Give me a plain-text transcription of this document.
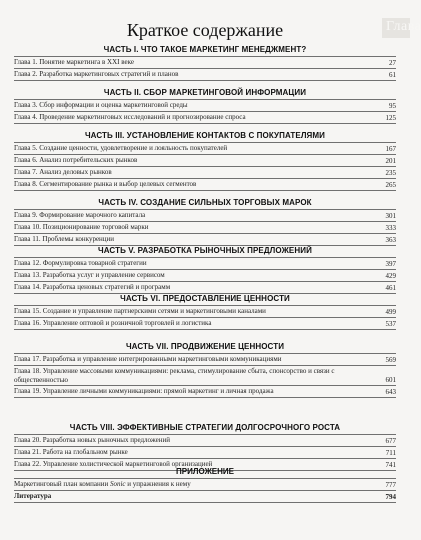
Глава
Краткое содержание
ЧАСТЬ I. ЧТО ТАКОЕ МАРКЕТИНГ МЕНЕДЖМЕНТ?
Глава 1. Понятие маркетинга в XXI веке	27
Глава 2. Разработка маркетинговых стратегий и планов	61
ЧАСТЬ II. СБОР МАРКЕТИНГОВОЙ ИНФОРМАЦИИ
Глава 3. Сбор информации и оценка маркетинговой среды	95
Глава 4. Проведение маркетинговых исследований и прогнозирование спроса	125
ЧАСТЬ III. УСТАНОВЛЕНИЕ КОНТАКТОВ С ПОКУПАТЕЛЯМИ
Глава 5. Создание ценности, удовлетворение и лояльность покупателей	167
Глава 6. Анализ потребительских рынков	201
Глава 7. Анализ деловых рынков	235
Глава 8. Сегментирование рынка и выбор целевых сегментов	265
ЧАСТЬ IV. СОЗДАНИЕ СИЛЬНЫХ ТОРГОВЫХ МАРОК
Глава 9. Формирование марочного капитала	301
Глава 10. Позиционирование торговой марки	333
Глава 11. Проблемы конкуренции	363
ЧАСТЬ V. РАЗРАБОТКА РЫНОЧНЫХ ПРЕДЛОЖЕНИЙ
Глава 12. Формулировка товарной стратегии	397
Глава 13. Разработка услуг и управление сервисом	429
Глава 14. Разработка ценовых стратегий и программ	461
ЧАСТЬ VI. ПРЕДОСТАВЛЕНИЕ ЦЕННОСТИ
Глава 15. Создание и управление партнерскими сетями и маркетинговыми каналами	499
Глава 16. Управление оптовой и розничной торговлей и логистика	537
ЧАСТЬ VII. ПРОДВИЖЕНИЕ ЦЕННОСТИ
Глава 17. Разработка и управление интегрированными маркетинговыми коммуникациями	569
Глава 18. Управление массовыми коммуникациями: рекламa, стимулирование сбыта, спонсорство и связи с общественностью	601
Глава 19. Управление личными коммуникациями: прямой маркетинг и личная продажа	643
ЧАСТЬ VIII. ЭФФЕКТИВНЫЕ СТРАТЕГИИ ДОЛГОСРОЧНОГО РОСТА
Глава 20. Разработка новых рыночных предложений	677
Глава 21. Работа на глобальном рынке	711
Глава 22. Управление холистической маркетинговой организацией	741
ПРИЛОЖЕНИЕ
Маркетинговый план компании Sonic и упражнения к нему	777
Литература	794
